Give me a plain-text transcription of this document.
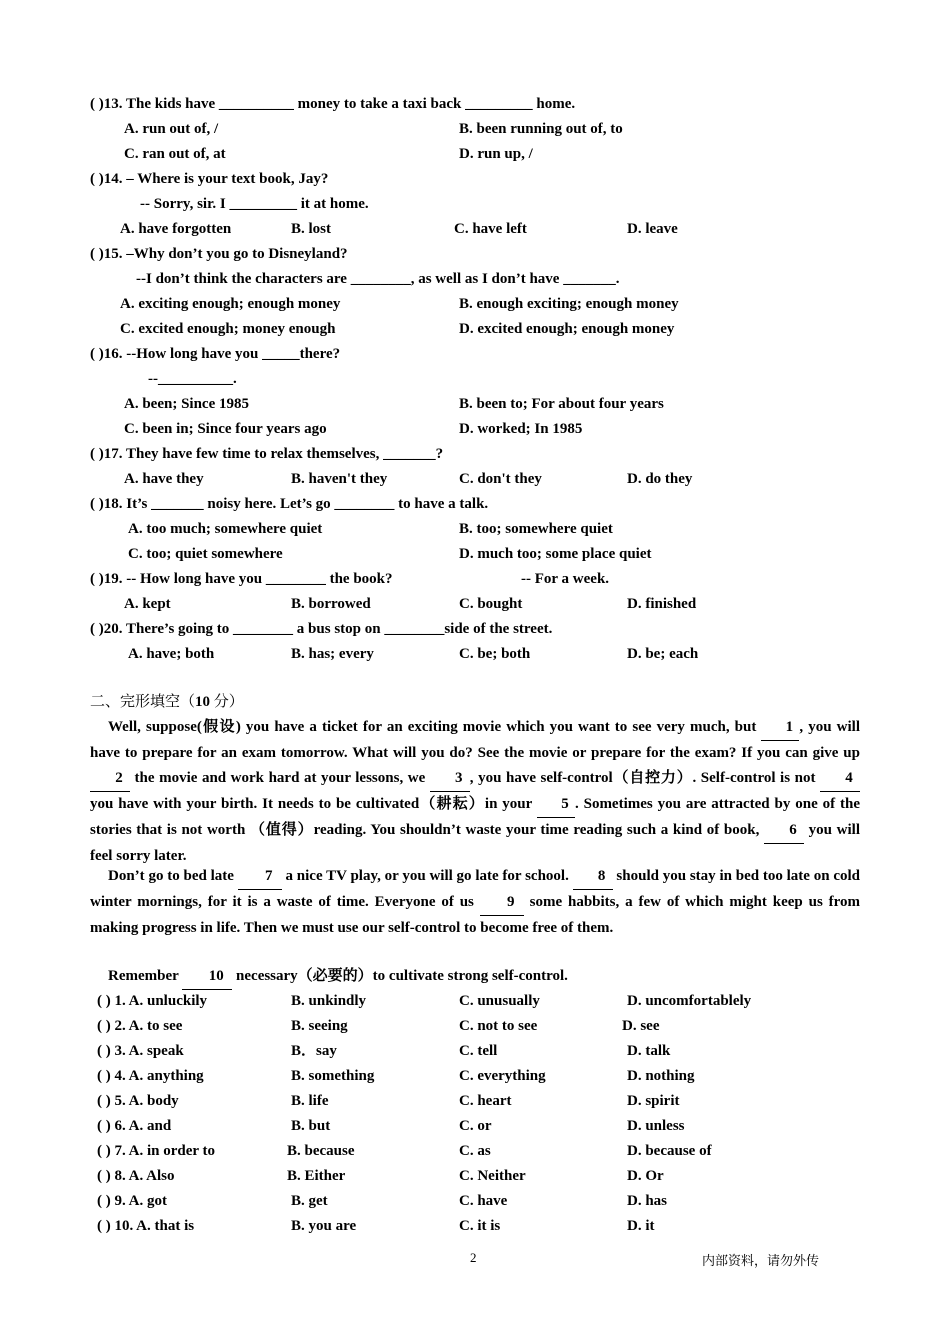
( )13. The kids have __________ money to take a taxi back _________ home.
A. run out of, /	B. been running out of, to
C. ran out of, at	D. run up, /
( )14. – Where is your text book, Jay?
-- Sorry, sir. I _________ it at home.
A. have forgotten	B. lost	C. have left	D. leave
( )15. –Why don’t you go to Disneyland?
--I don’t think the characters are ________, as well as I don’t have _______.
A. exciting enough; enough money	B. enough exciting; enough money
C. excited enough; money enough	D. excited enough; enough money
( )16. --How long have you _____there?
--__________.
A. been; Since 1985	B. been to; For about four years
C. been in; Since four years ago	D. worked; In 1985
( )17. They have few time to relax themselves, _______?
A. have they	B. haven't they	C. don't they	D. do they
( )18. It’s _______ noisy here. Let’s go ________ to have a talk.
A. too much; somewhere quiet	B. too; somewhere quiet
C. too; quiet somewhere	D. much too; some place quiet
( )19. -- How long have you ________ the book?	-- For a week.
A. kept	B. borrowed	C. bought	D. finished
( )20. There’s going to ________ a bus stop on ________side of the street.
A. have; both	B. has; every	C. be; both	D. be; each
二、完形填空（10 分）
Well, suppose(假设) you have a ticket for an exciting movie which you want to see very much, but 1 , you will have to prepare for an exam tomorrow. What will you do? See the movie or prepare for the exam? If you can give up 2 the movie and work hard at your lessons, we 3 , you have self-control（自控力）. Self-control is not 4 you have with your birth. It needs to be cultivated（耕耘）in your 5 . Sometimes you are attracted by one of the stories that is not worth （值得）reading. You shouldn’t waste your time reading such a kind of book, 6 you will feel sorry later.
Don’t go to bed late 7 a nice TV play, or you will go late for school. 8 should you stay in bed too late on cold winter mornings, for it is a waste of time. Everyone of us 9 some habbits, a few of which might keep us from making progress in life. Then we must use our self-control to become free of them.
Remember 10 necessary（必要的）to cultivate strong self-control.
( ) 1. A. unluckily	B. unkindly	C. unusually	D. uncomfortablely
( ) 2. A. to see	B. seeing	C. not to see	D. see
( ) 3. A. speak	B．say	C. tell	D. talk
( ) 4. A. anything	B. something	C. everything	D. nothing
( ) 5. A. body	B. life	C. heart	D. spirit
( ) 6. A. and	B. but	C. or	D. unless
( ) 7. A. in order to	B. because	C. as	D. because of
( ) 8. A. Also	B. Either	C. Neither	D. Or
( ) 9. A. got	B. get	C. have	D. has
( ) 10. A. that is	B. you are	C. it is	D. it
2	内部资料，请勿外传
